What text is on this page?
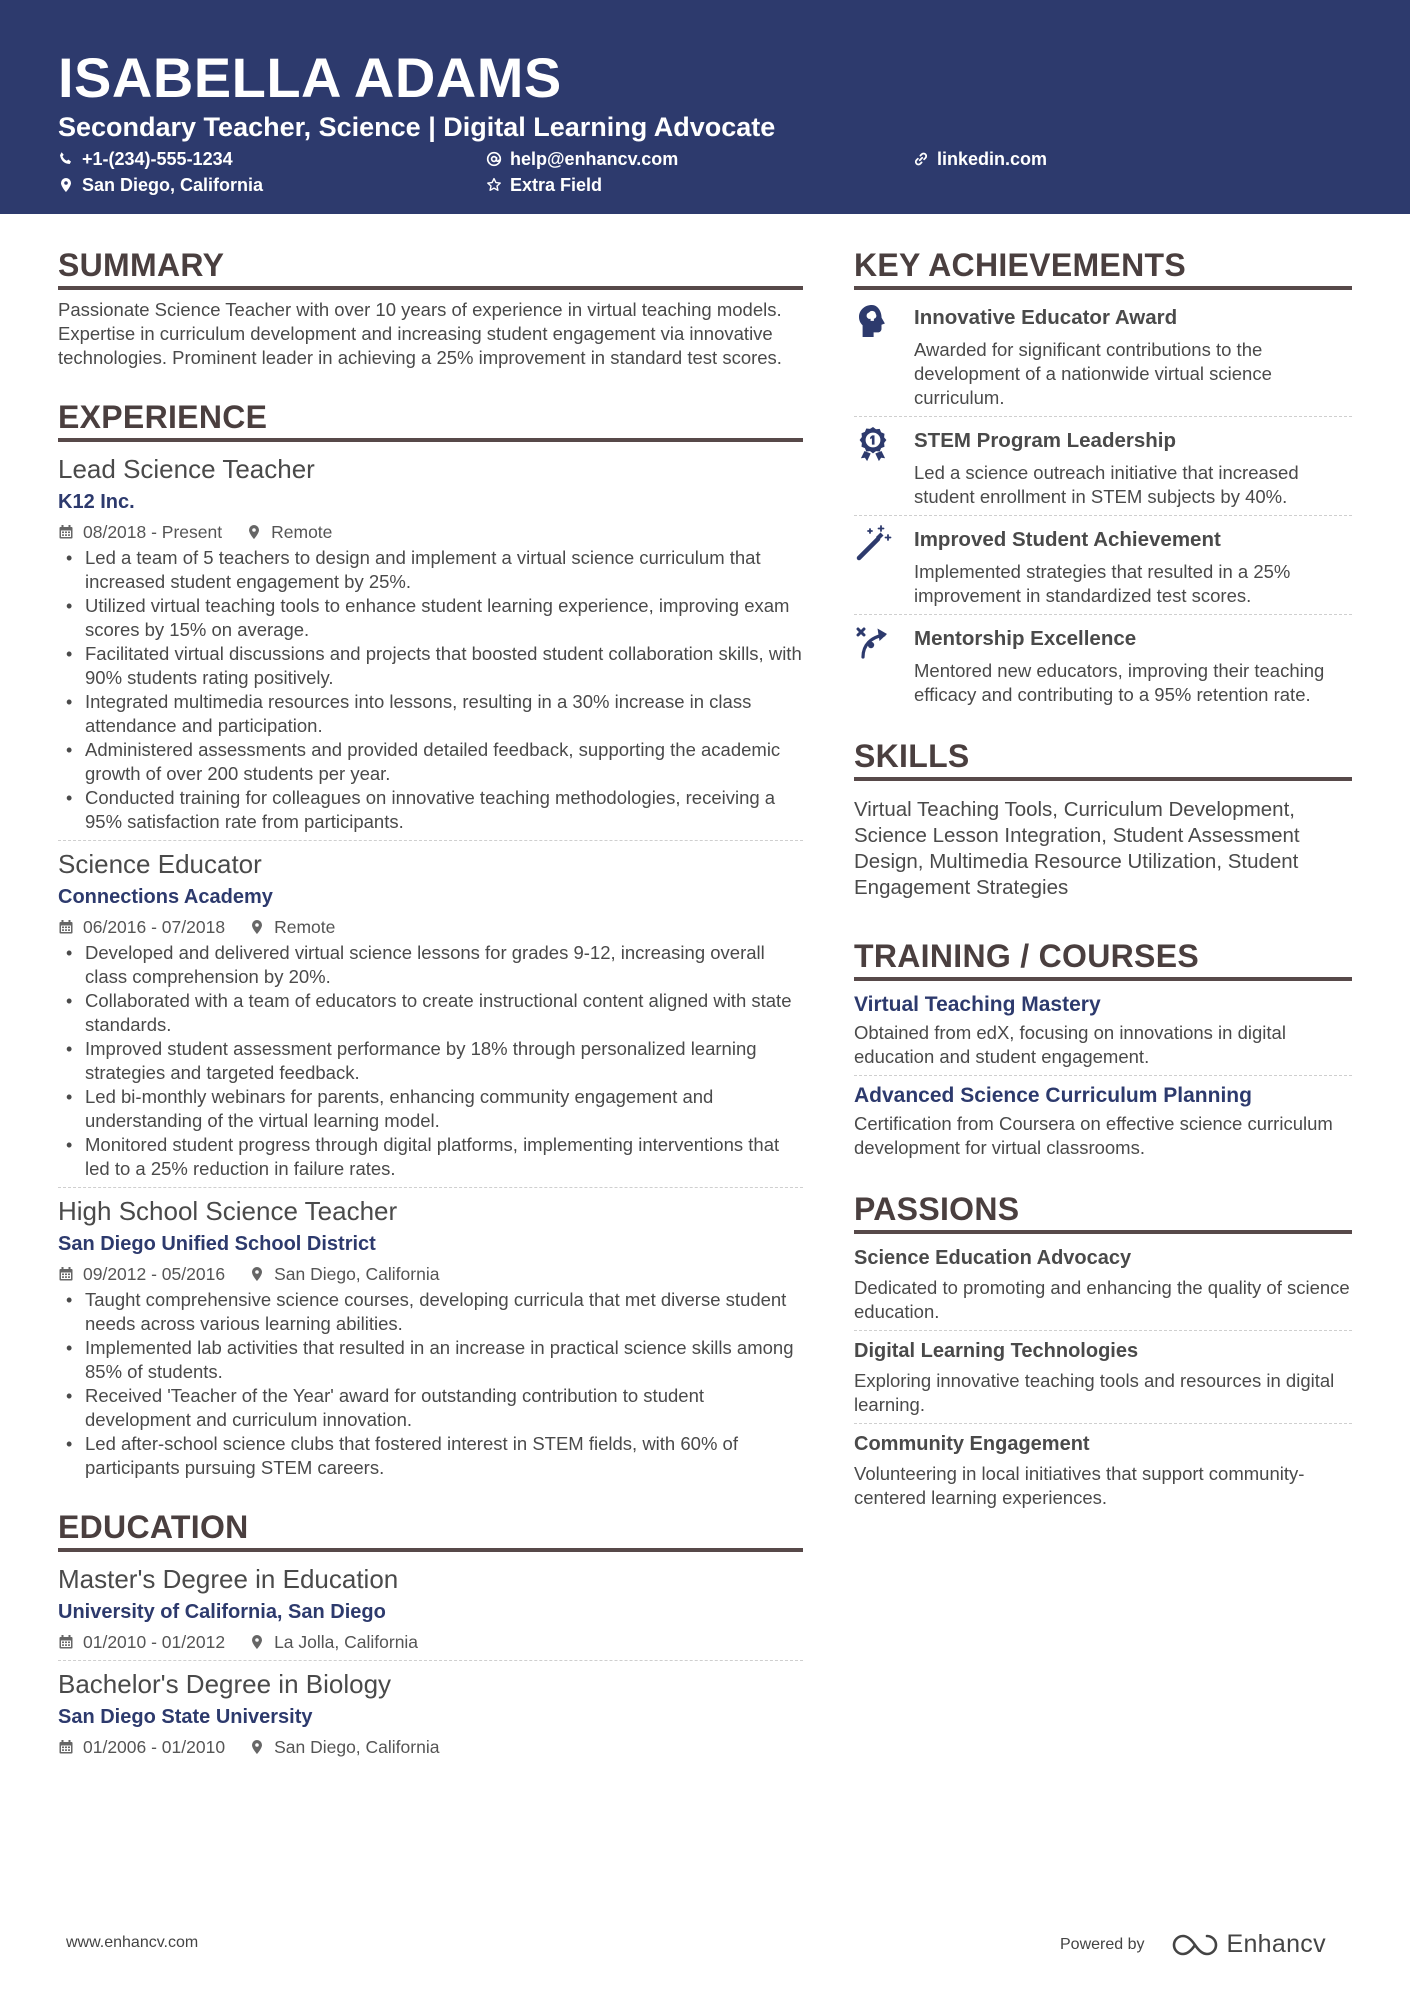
ISABELLA ADAMS
Secondary Teacher, Science | Digital Learning Advocate
+1-(234)-555-1234	help@enhancv.com	linkedin.com
San Diego, California	Extra Field
SUMMARY
Passionate Science Teacher with over 10 years of experience in virtual teaching models. Expertise in curriculum development and increasing student engagement via innovative technologies. Prominent leader in achieving a 25% improvement in standard test scores.
EXPERIENCE
Lead Science Teacher
K12 Inc.
08/2018 - Present	Remote
• Led a team of 5 teachers to design and implement a virtual science curriculum that increased student engagement by 25%.
• Utilized virtual teaching tools to enhance student learning experience, improving exam scores by 15% on average.
• Facilitated virtual discussions and projects that boosted student collaboration skills, with 90% students rating positively.
• Integrated multimedia resources into lessons, resulting in a 30% increase in class attendance and participation.
• Administered assessments and provided detailed feedback, supporting the academic growth of over 200 students per year.
• Conducted training for colleagues on innovative teaching methodologies, receiving a 95% satisfaction rate from participants.
Science Educator
Connections Academy
06/2016 - 07/2018	Remote
• Developed and delivered virtual science lessons for grades 9-12, increasing overall class comprehension by 20%.
• Collaborated with a team of educators to create instructional content aligned with state standards.
• Improved student assessment performance by 18% through personalized learning strategies and targeted feedback.
• Led bi-monthly webinars for parents, enhancing community engagement and understanding of the virtual learning model.
• Monitored student progress through digital platforms, implementing interventions that led to a 25% reduction in failure rates.
High School Science Teacher
San Diego Unified School District
09/2012 - 05/2016	San Diego, California
• Taught comprehensive science courses, developing curricula that met diverse student needs across various learning abilities.
• Implemented lab activities that resulted in an increase in practical science skills among 85% of students.
• Received 'Teacher of the Year' award for outstanding contribution to student development and curriculum innovation.
• Led after-school science clubs that fostered interest in STEM fields, with 60% of participants pursuing STEM careers.
EDUCATION
Master's Degree in Education
University of California, San Diego
01/2010 - 01/2012	La Jolla, California
Bachelor's Degree in Biology
San Diego State University
01/2006 - 01/2010	San Diego, California
KEY ACHIEVEMENTS
Innovative Educator Award
Awarded for significant contributions to the development of a nationwide virtual science curriculum.
STEM Program Leadership
Led a science outreach initiative that increased student enrollment in STEM subjects by 40%.
Improved Student Achievement
Implemented strategies that resulted in a 25% improvement in standardized test scores.
Mentorship Excellence
Mentored new educators, improving their teaching efficacy and contributing to a 95% retention rate.
SKILLS
Virtual Teaching Tools, Curriculum Development, Science Lesson Integration, Student Assessment Design, Multimedia Resource Utilization, Student Engagement Strategies
TRAINING / COURSES
Virtual Teaching Mastery
Obtained from edX, focusing on innovations in digital education and student engagement.
Advanced Science Curriculum Planning
Certification from Coursera on effective science curriculum development for virtual classrooms.
PASSIONS
Science Education Advocacy
Dedicated to promoting and enhancing the quality of science education.
Digital Learning Technologies
Exploring innovative teaching tools and resources in digital learning.
Community Engagement
Volunteering in local initiatives that support community-centered learning experiences.
www.enhancv.com	Powered by	Enhancv
